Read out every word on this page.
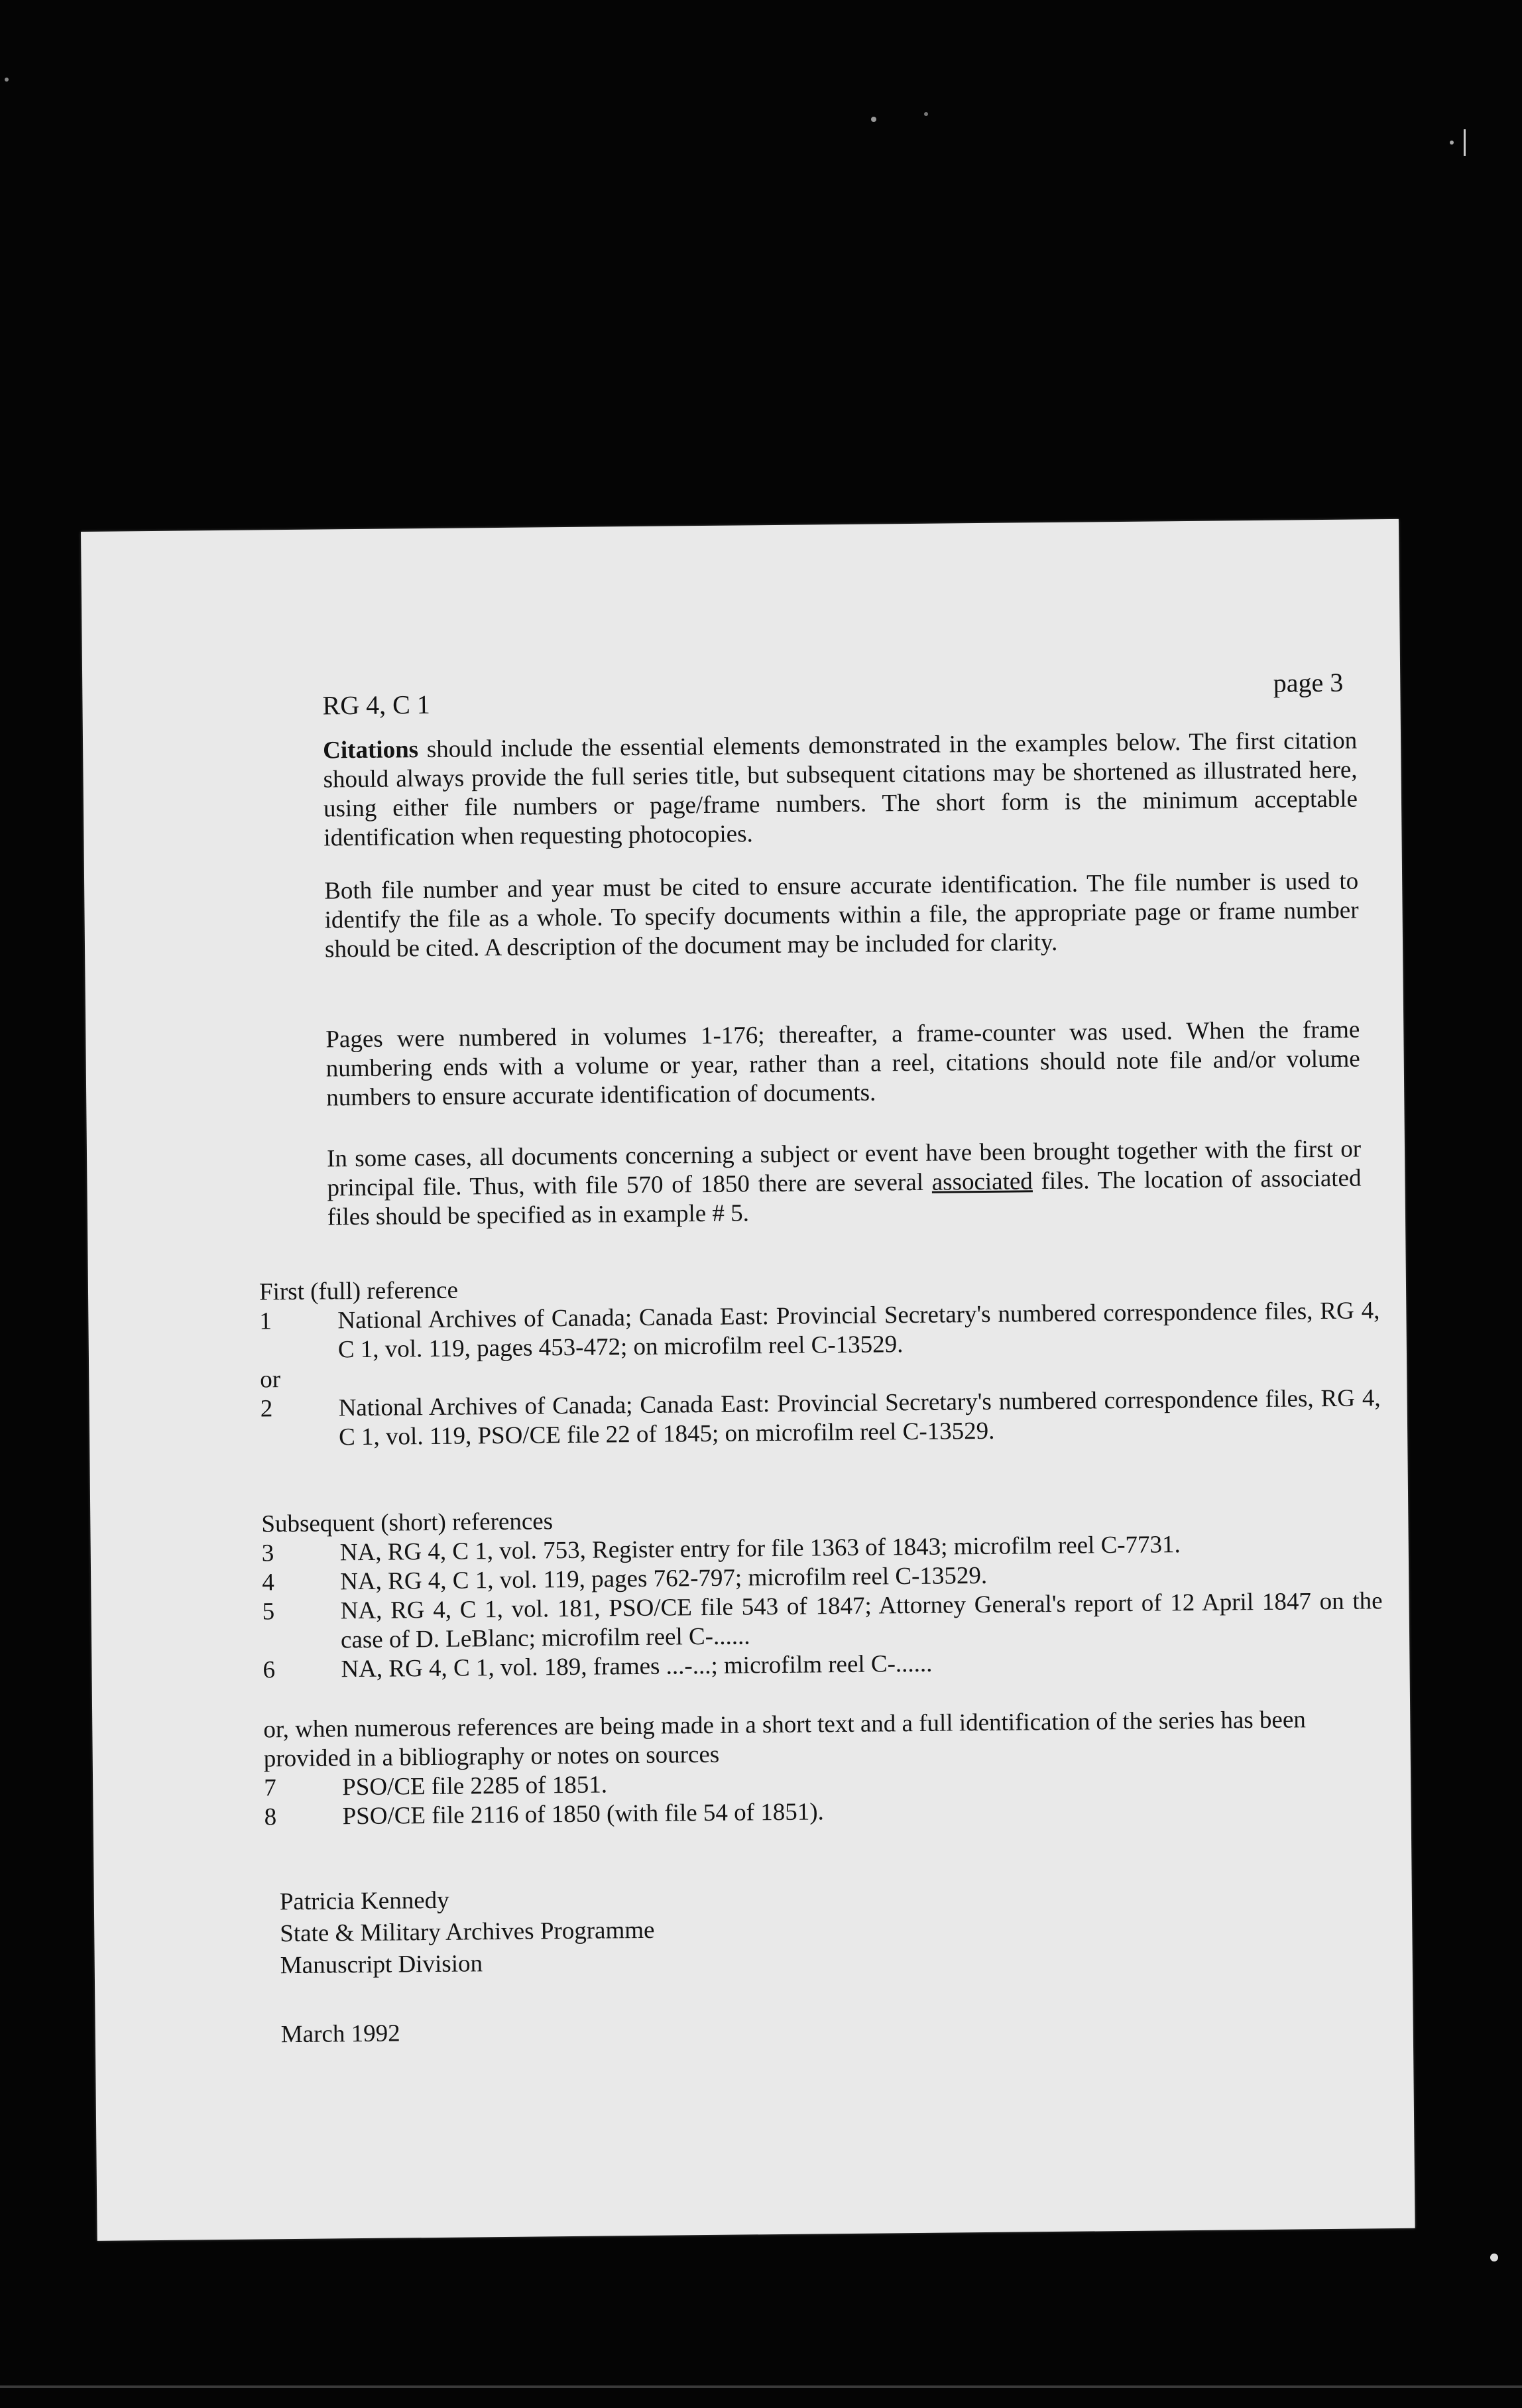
RG 4, C 1
page 3

Citations should include the essential elements demonstrated in the examples below. The first citation should always provide the full series title, but subsequent citations may be shortened as illustrated here, using either file numbers or page/frame numbers. The short form is the minimum acceptable identification when requesting photocopies.

Both file number and year must be cited to ensure accurate identification. The file number is used to identify the file as a whole. To specify documents within a file, the appropriate page or frame number should be cited. A description of the document may be included for clarity.

Pages were numbered in volumes 1-176; thereafter, a frame-counter was used. When the frame numbering ends with a volume or year, rather than a reel, citations should note file and/or volume numbers to ensure accurate identification of documents.

In some cases, all documents concerning a subject or event have been brought together with the first or principal file. Thus, with file 570 of 1850 there are several associated files. The location of associated files should be specified as in example # 5.

First (full) reference

1	National Archives of Canada; Canada East: Provincial Secretary's numbered correspondence files, RG 4, C 1, vol. 119, pages 453-472; on microfilm reel C-13529.

or

2	National Archives of Canada; Canada East: Provincial Secretary's numbered correspondence files, RG 4, C 1, vol. 119, PSO/CE file 22 of 1845; on microfilm reel C-13529.

Subsequent (short) references

3	NA, RG 4, C 1, vol. 753, Register entry for file 1363 of 1843; microfilm reel C-7731.
4	NA, RG 4, C 1, vol. 119, pages 762-797; microfilm reel C-13529.
5	NA, RG 4, C 1, vol. 181, PSO/CE file 543 of 1847; Attorney General's report of 12 April 1847 on the case of D. LeBlanc; microfilm reel C-......
6	NA, RG 4, C 1, vol. 189, frames ...-...; microfilm reel C-......

or, when numerous references are being made in a short text and a full identification of the series has been provided in a bibliography or notes on sources

7	PSO/CE file 2285 of 1851.
8	PSO/CE file 2116 of 1850 (with file 54 of 1851).

Patricia Kennedy

State & Military Archives Programme

Manuscript Division

March 1992
